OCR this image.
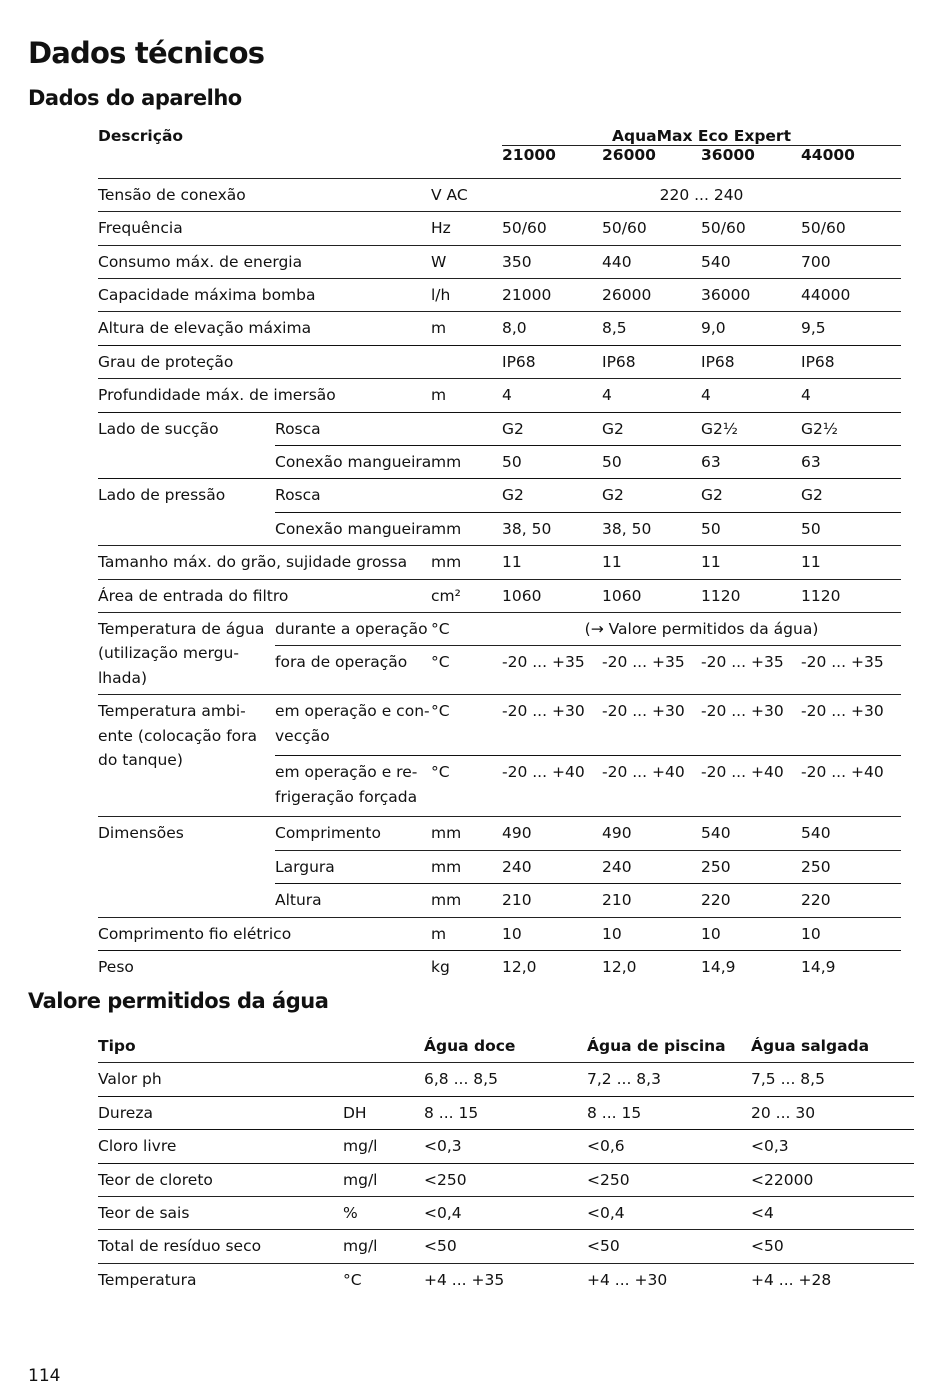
Dados técnicos
Dados do aparelho
Descrição			AquaMax Eco Expert			
			21000	26000	36000	44000
Tensão de conexão		V AC	220 ... 240			
Frequência		Hz	50/60	50/60	50/60	50/60
Consumo máx. de energia		W	350	440	540	700
Capacidade máxima bomba		l/h	21000	26000	36000	44000
Altura de elevação máxima		m	8,0	8,5	9,0	9,5
Grau de proteção			IP68	IP68	IP68	IP68
Profundidade máx. de imersão		m	4	4	4	4
Lado de sucção	Rosca		G2	G2	G2½	G2½
	Conexão mangueira	mm	50	50	63	63
Lado de pressão	Rosca		G2	G2	G2	G2
	Conexão mangueira	mm	38, 50	38, 50	50	50
Tamanho máx. do grão, sujidade grossa		mm	11	11	11	11
Área de entrada do filtro		cm²	1060	1060	1120	1120
Temperatura de água (utilização mergu-lhada)	durante a operação	°C	(→ Valore permitidos da água)			
	fora de operação	°C	-20 ... +35	-20 ... +35	-20 ... +35	-20 ... +35
Temperatura ambi-ente (colocação fora do tanque)	em operação e con-vecção	°C	-20 ... +30	-20 ... +30	-20 ... +30	-20 ... +30
	em operação e re-frigeração forçada	°C	-20 ... +40	-20 ... +40	-20 ... +40	-20 ... +40
Dimensões	Comprimento	mm	490	490	540	540
	Largura	mm	240	240	250	250
	Altura	mm	210	210	220	220
Comprimento fio elétrico		m	10	10	10	10
Peso		kg	12,0	12,0	14,9	14,9
Valore permitidos da água
Tipo		Água doce	Água de piscina	Água salgada
Valor ph		6,8 ... 8,5	7,2 ... 8,3	7,5 ... 8,5
Dureza	DH	8 ... 15	8 ... 15	20 ... 30
Cloro livre	mg/l	<0,3	<0,6	<0,3
Teor de cloreto	mg/l	<250	<250	<22000
Teor de sais	%	<0,4	<0,4	<4
Total de resíduo seco	mg/l	<50	<50	<50
Temperatura	°C	+4 ... +35	+4 ... +30	+4 ... +28
114
